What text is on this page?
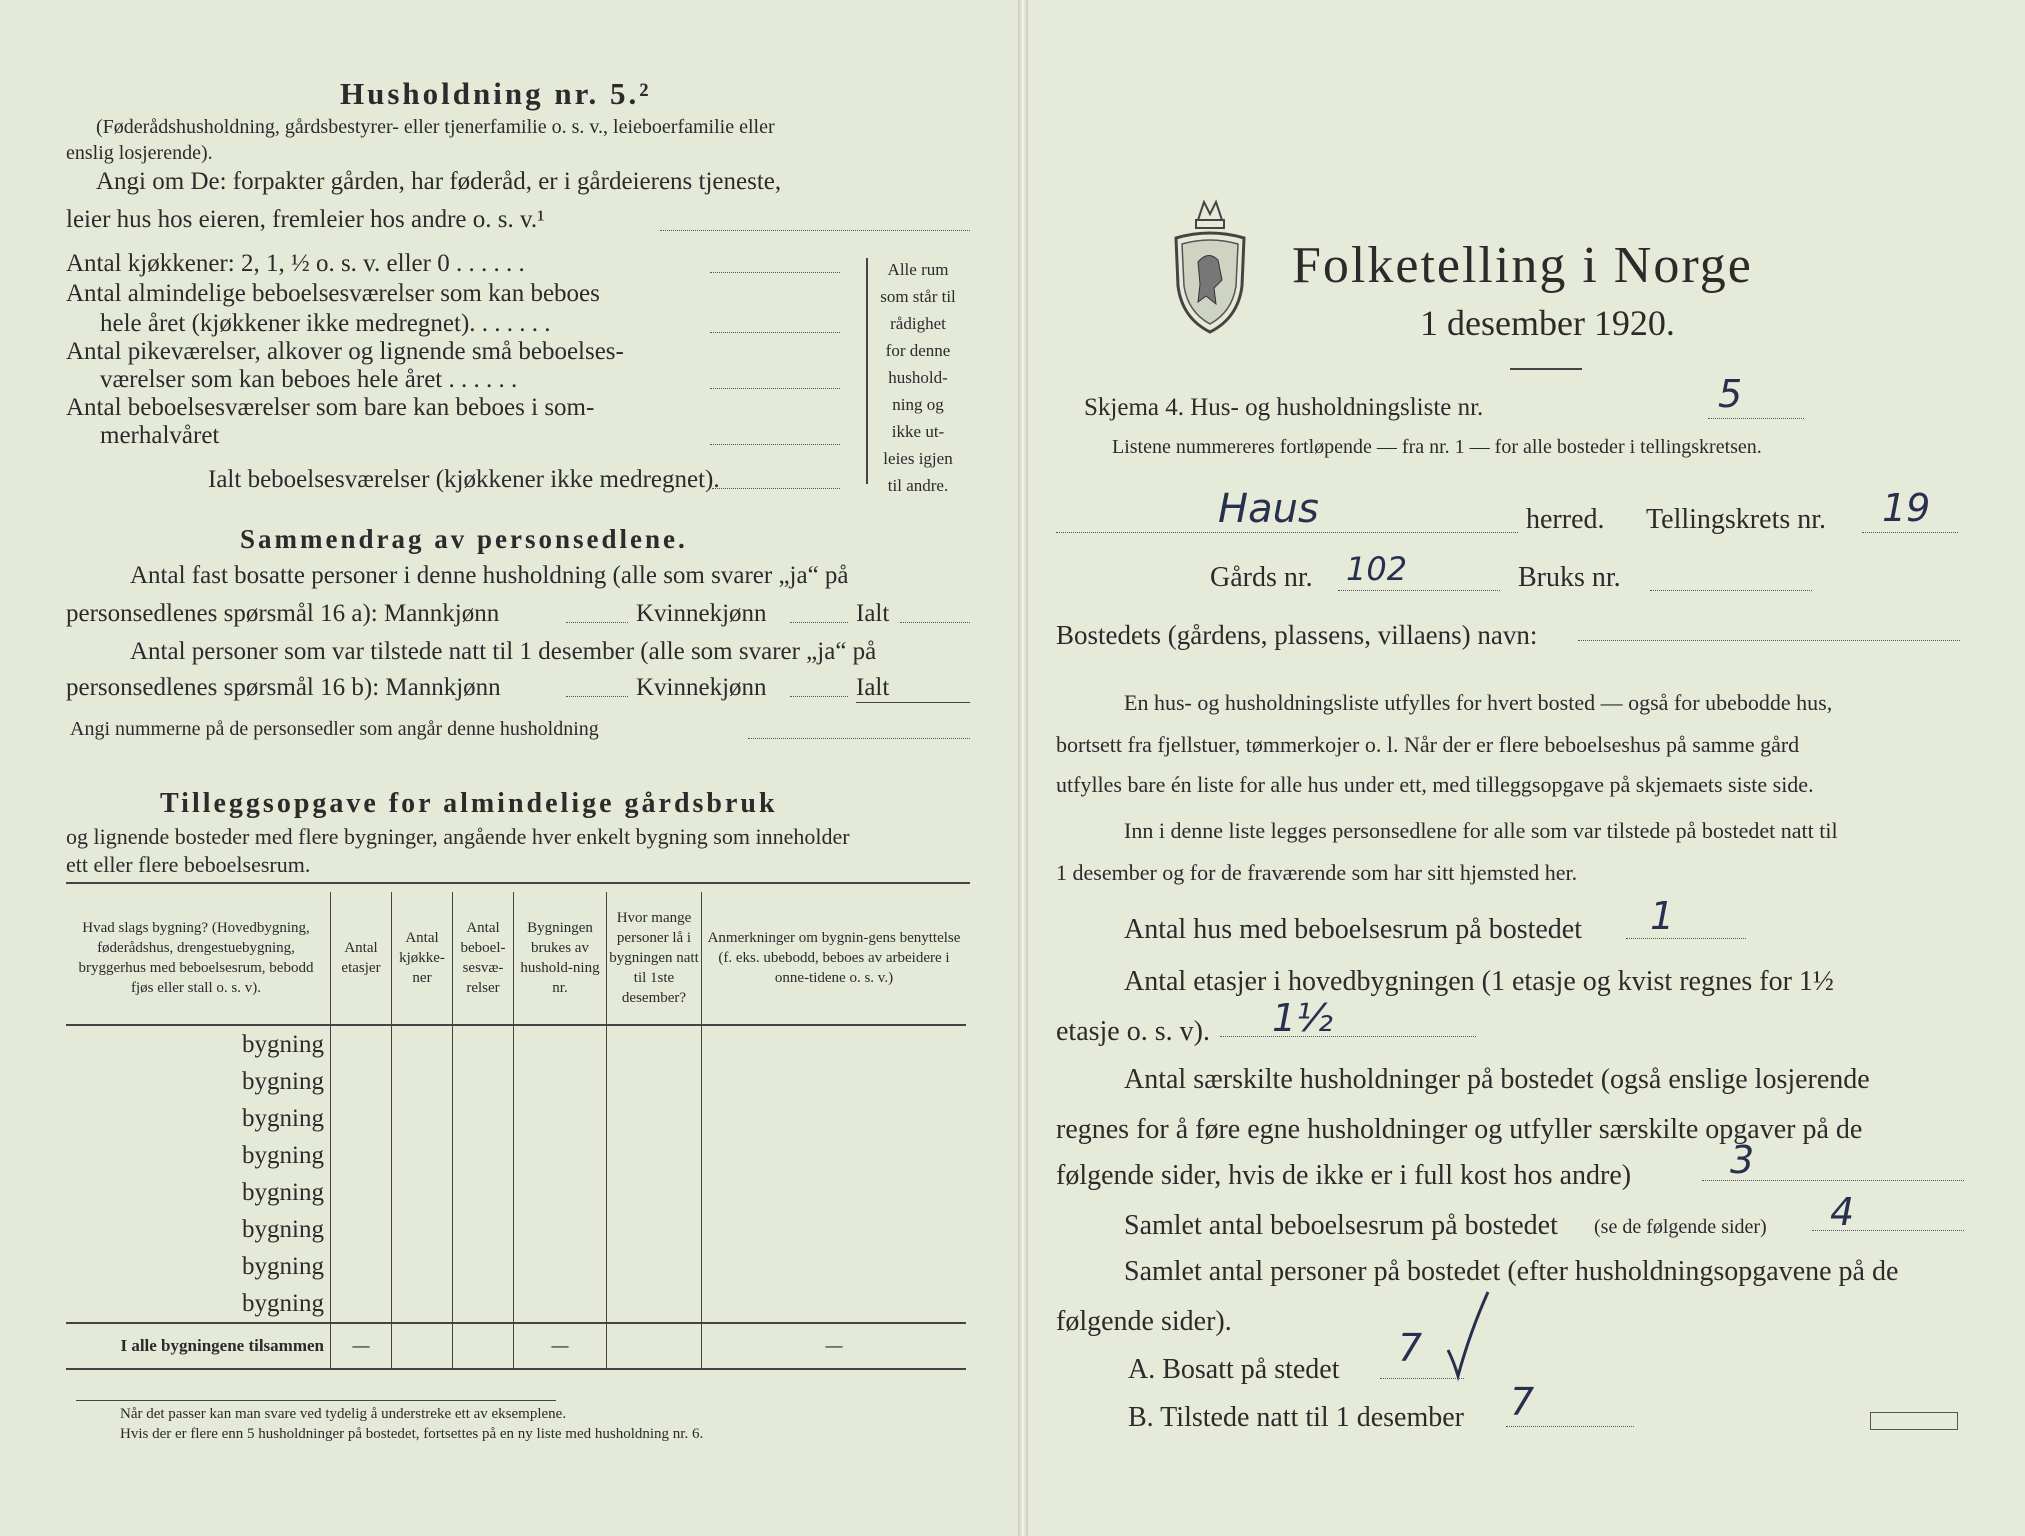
Husholdning nr. 5.²
(Føderådshusholdning, gårdsbestyrer- eller tjenerfamilie o. s. v., leieboerfamilie eller
enslig losjerende).
Angi om De: forpakter gården, har føderåd, er i gårdeierens tjeneste,
leier hus hos eieren, fremleier hos andre o. s. v.¹
Antal kjøkkener: 2, 1, ½ o. s. v. eller 0 . . . . . .
Antal almindelige beboelsesværelser som kan beboes
hele året (kjøkkener ikke medregnet). . . . . . .
Antal pikeværelser, alkover og lignende små beboelses-
værelser som kan beboes hele året . . . . . .
Antal beboelsesværelser som bare kan beboes i som-
merhalvåret
Ialt beboelsesværelser (kjøkkener ikke medregnet).
Alle rum
som står til
rådighet
for denne
hushold-
ning og
ikke ut-
leies igjen
til andre.
Sammendrag av personsedlene.
Antal fast bosatte personer i denne husholdning (alle som svarer „ja“ på
personsedlenes spørsmål 16 a): Mannkjønn	Kvinnekjønn	Ialt
Antal personer som var tilstede natt til 1 desember (alle som svarer „ja“ på
personsedlenes spørsmål 16 b): Mannkjønn	Kvinnekjønn	Ialt
Angi nummerne på de personsedler som angår denne husholdning
Tilleggsopgave for almindelige gårdsbruk
og lignende bosteder med flere bygninger, angående hver enkelt bygning som inneholder
ett eller flere beboelsesrum.
Hvad slags bygning? (Hovedbygning, føderådshus, drengestuebygning, bryggerhus med beboelsesrum, bebodd fjøs eller stall o. s. v).	Antal etasjer	Antal kjøkke-ner	Antal beboel-sesvæ-relser	Bygningen brukes av hushold-ning nr.	Hvor mange personer lå i bygningen natt til 1ste desember?	Anmerkninger om bygnin-gens benyttelse (f. eks. ubebodd, beboes av arbeidere i onne-tidene o. s. v.)
bygning						
bygning						
bygning						
bygning						
bygning						
bygning						
bygning						
bygning						
I alle bygningene tilsammen	—			—		—
Når det passer kan man svare ved tydelig å understreke ett av eksemplene.
Hvis der er flere enn 5 husholdninger på bostedet, fortsettes på en ny liste med husholdning nr. 6.
Folketelling i Norge
1 desember 1920.
Skjema 4. Hus- og husholdningsliste nr.	5
Listene nummereres fortløpende — fra nr. 1 — for alle bosteder i tellingskretsen.
Haus	herred. Tellingskrets nr. 19
Gårds nr. 102	Bruks nr.
Bostedets (gårdens, plassens, villaens) navn:
En hus- og husholdningsliste utfylles for hvert bosted — også for ubebodde hus,
bortsett fra fjellstuer, tømmerkojer o. l. Når der er flere beboelseshus på samme gård
utfylles bare én liste for alle hus under ett, med tilleggsopgave på skjemaets siste side.
Inn i denne liste legges personsedlene for alle som var tilstede på bostedet natt til
1 desember og for de fraværende som har sitt hjemsted her.
Antal hus med beboelsesrum på bostedet 1
Antal etasjer i hovedbygningen (1 etasje og kvist regnes for 1½
etasje o. s. v). 1½
Antal særskilte husholdninger på bostedet (også enslige losjerende
regnes for å føre egne husholdninger og utfyller særskilte opgaver på de
følgende sider, hvis de ikke er i full kost hos andre)	3
Samlet antal beboelsesrum på bostedet (se de følgende sider) 4
Samlet antal personer på bostedet (efter husholdningsopgavene på de
følgende sider).
A. Bosatt på stedet 7
B. Tilstede natt til 1 desember 7
